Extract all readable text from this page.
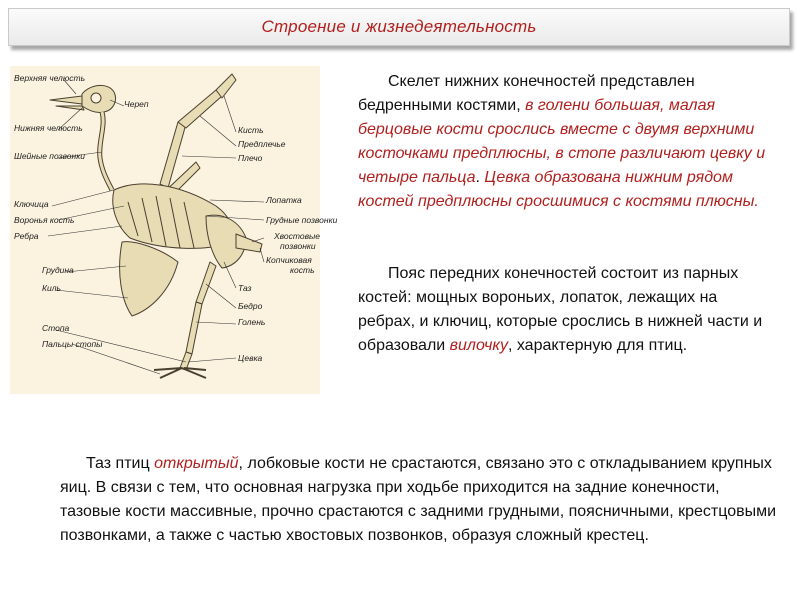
Строение и жизнедеятельность
Верхняя челюсть
Череп
Нижняя челюсть	Кисть
Предплечье
Шейные позвонки	Плечо
Ключица	Лопатка
Воронья кость	Грудные позвонки
Ребра	Хвостовые
позвонки
Копчиковая
кость
Грудина
Киль	Таз
Бедро
Стопа
Голень
Пальцы стопы
Цевка

Скелет нижних конечностей представлен бедренными костями, в голени большая, малая берцовые кости срослись вместе с двумя верхними косточками предплюсны, в стопе различают цевку и четыре пальца. Цевка образована нижним рядом костей предплюсны сросшимися с костями плюсны.

Пояс передних конечностей состоит из парных костей: мощных вороньих, лопаток, лежащих на ребрах, и ключиц, которые срослись в нижней части и образовали вилочку, характерную для птиц.

Таз птиц открытый, лобковые кости не срастаются, связано это с откладыванием крупных яиц. В связи с тем, что основная нагрузка при ходьбе приходится на задние конечности, тазовые кости массивные, прочно срастаются с задними грудными, поясничными, крестцовыми позвонками, а также с частью хвостовых позвонков, образуя сложный крестец.
